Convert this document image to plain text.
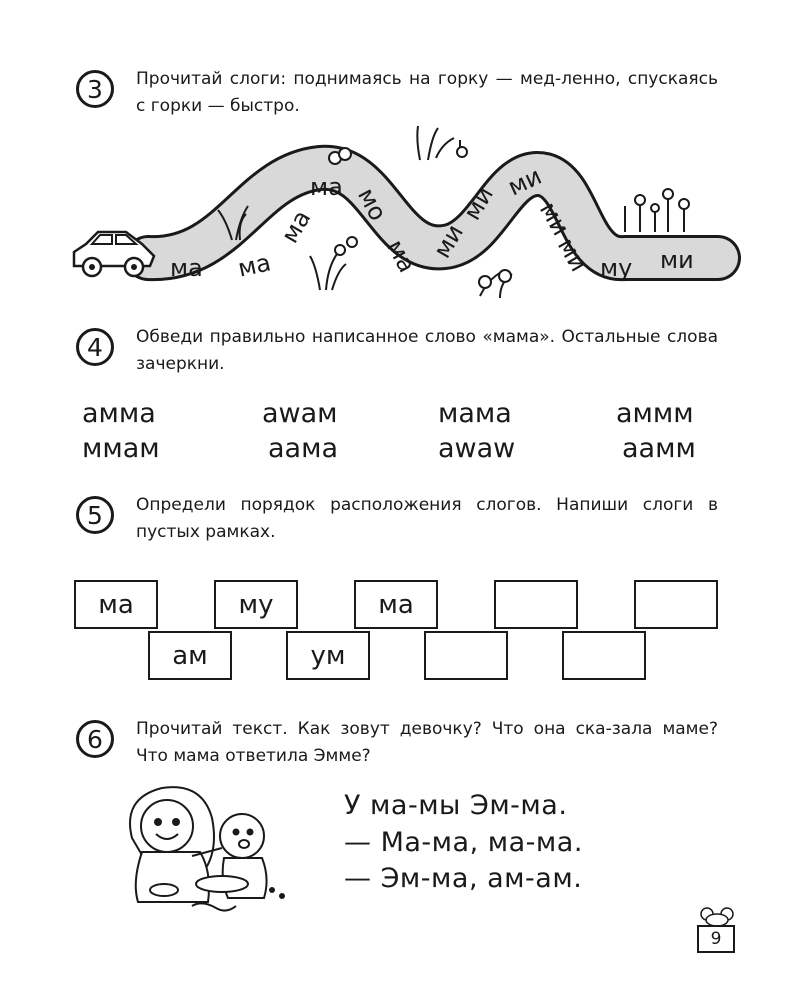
3	Прочитай слоги: поднимаясь на горку — мед-ленно, спускаясь с горки — быстро.
ма ма
ма
ма мо
ма ми
ми
ми
ми
ми му ми
4	Обведи правильно написанное слово «мама». Остальные слова зачеркни.
амма	awам	мама	аммм
ммам	аама	awaw	аамм
5	Определи порядок расположения слогов. Напиши слоги в пустых рамках.
ма	му	ма
ам	ум
6	Прочитай текст. Как зовут девочку? Что она ска-зала маме? Что мама ответила Эмме?
У ма-мы Эм-ма.
— Ма-ма, ма-ма.
— Эм-ма, ам-ам.
9
